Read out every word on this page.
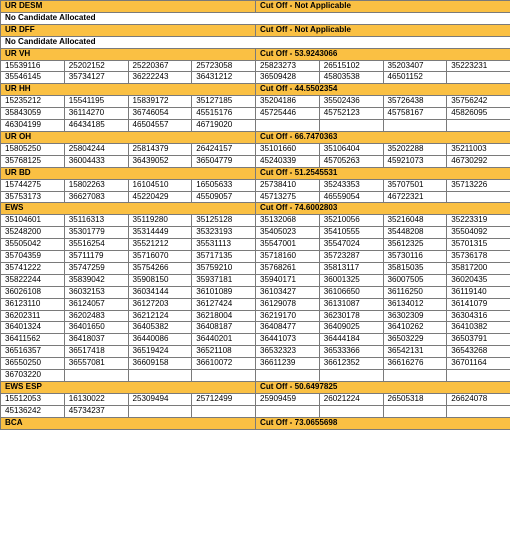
UR DESM				Cut Off - Not Applicable			
No Candidate Allocated							
UR DFF				Cut Off - Not Applicable			
No Candidate Allocated							
UR VH				Cut Off - 53.9243066			
15539116	25202152	25220367	25723058	25823273	26515102	35203407	35223231
35546145	35734127	36222243	36431212	36509428	45803538	46501152	
UR HH				Cut Off - 44.5502354			
15235212	15541195	15839172	35127185	35204186	35502436	35726438	35756242
35843059	36114270	36746054	45515176	45725446	45752123	45758167	45826095
46304199	46434185	46504557	46719020				
UR OH				Cut Off - 66.7470363			
15805250	25804244	25814379	26424157	35101660	35106404	35202288	35211003
35768125	36004433	36439052	36504779	45240339	45705263	45921073	46730292
UR BD				Cut Off - 51.2545531			
15744275	15802263	16104510	16505633	25738410	35243353	35707501	35713226
35753173	36627083	45220429	45509057	45713275	46559054	46722321	
EWS				Cut Off - 74.6002803			
35104601	35116313	35119280	35125128	35132068	35210056	35216048	35223319
35248200	35301779	35314449	35323193	35405023	35410555	35448208	35504092
35505042	35516254	35521212	35531113	35547001	35547024	35612325	35701315
35704359	35711179	35716070	35717135	35718160	35723287	35730116	35736178
35741222	35747259	35754266	35759210	35768261	35813117	35815035	35817200
35822244	35839042	35908150	35937181	35940171	36001325	36007505	36020435
36026108	36032153	36034144	36101089	36103427	36106650	36116250	36119140
36123110	36124057	36127203	36127424	36129078	36131087	36134012	36141079
36202311	36202483	36212124	36218004	36219170	36230178	36302309	36304316
36401324	36401650	36405382	36408187	36408477	36409025	36410262	36410382
36411562	36418037	36440086	36440201	36441073	36444184	36503229	36503791
36516357	36517418	36519424	36521108	36532323	36533366	36542131	36543268
36550250	36557081	36609158	36610072	36611239	36612352	36616276	36701164
36703220							
EWS ESP				Cut Off - 50.6497825			
15512053	16130022	25309494	25712499	25909459	26021224	26505318	26624078
45136242	45734237						
BCA				Cut Off - 73.0655698			
